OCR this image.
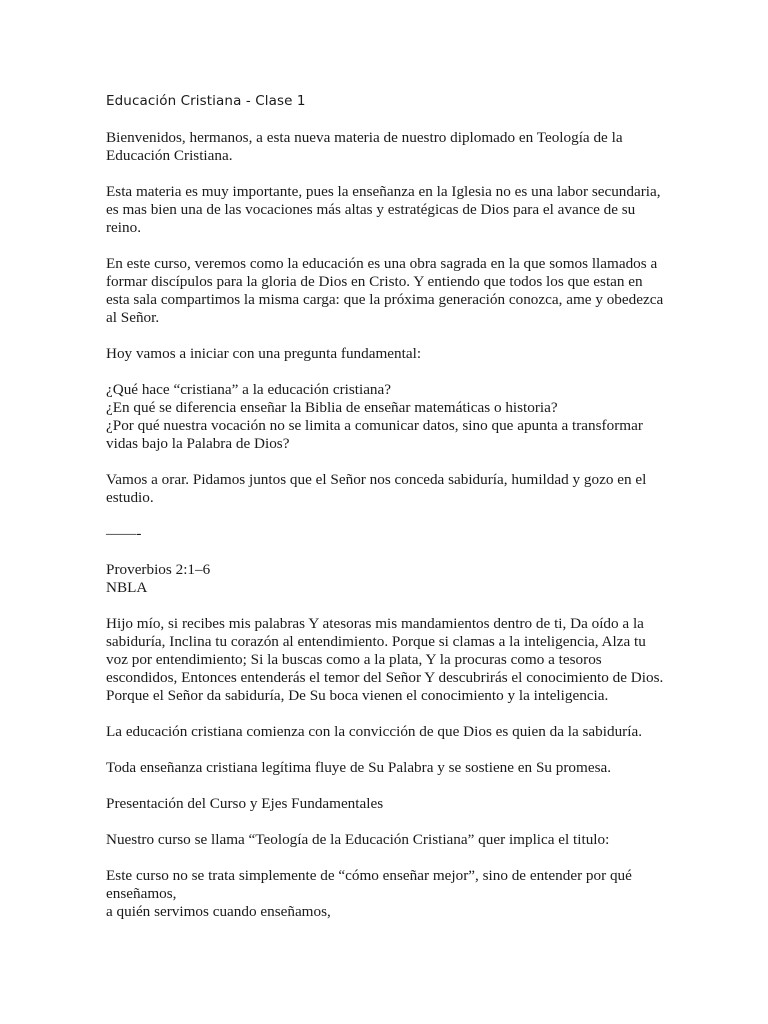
Educación Cristiana - Clase 1
Bienvenidos, hermanos, a esta nueva materia de nuestro diplomado en Teología de la
Educación Cristiana.
Esta materia es muy importante, pues la enseñanza en la Iglesia no es una labor secundaria,
es mas bien una de las vocaciones más altas y estratégicas de Dios para el avance de su
reino.
En este curso, veremos como la educación es una obra sagrada en la que somos llamados a
formar discípulos para la gloria de Dios en Cristo. Y entiendo que todos los que estan en
esta sala compartimos la misma carga: que la próxima generación conozca, ame y obedezca
al Señor.
Hoy vamos a iniciar con una pregunta fundamental:
¿Qué hace “cristiana” a la educación cristiana?
¿En qué se diferencia enseñar la Biblia de enseñar matemáticas o historia?
¿Por qué nuestra vocación no se limita a comunicar datos, sino que apunta a transformar
vidas bajo la Palabra de Dios?
Vamos a orar. Pidamos juntos que el Señor nos conceda sabiduría, humildad y gozo en el
estudio.
——-
Proverbios 2:1–6
NBLA
Hijo mío, si recibes mis palabras Y atesoras mis mandamientos dentro de ti, Da oído a la
sabiduría, Inclina tu corazón al entendimiento. Porque si clamas a la inteligencia, Alza tu
voz por entendimiento; Si la buscas como a la plata, Y la procuras como a tesoros
escondidos, Entonces entenderás el temor del Señor Y descubrirás el conocimiento de Dios.
Porque el Señor da sabiduría, De Su boca vienen el conocimiento y la inteligencia.
La educación cristiana comienza con la convicción de que Dios es quien da la sabiduría.
Toda enseñanza cristiana legítima fluye de Su Palabra y se sostiene en Su promesa.
Presentación del Curso y Ejes Fundamentales
Nuestro curso se llama “Teología de la Educación Cristiana” quer implica el titulo:
Este curso no se trata simplemente de “cómo enseñar mejor”, sino de entender por qué
enseñamos,
a quién servimos cuando enseñamos,
